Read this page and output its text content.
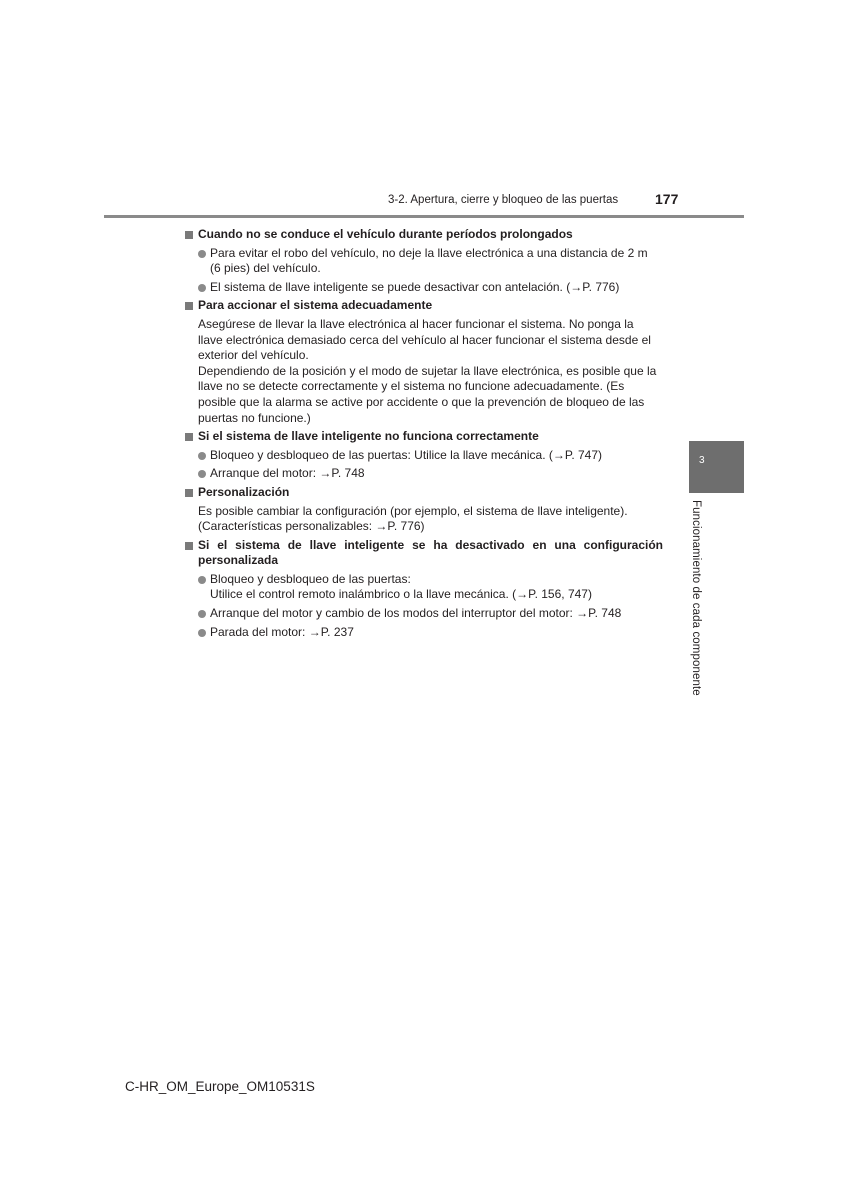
3-2. Apertura, cierre y bloqueo de las puertas	177
Cuando no se conduce el vehículo durante períodos prolongados
Para evitar el robo del vehículo, no deje la llave electrónica a una distancia de 2 m
(6 pies) del vehículo.
El sistema de llave inteligente se puede desactivar con antelación. (→P. 776)
Para accionar el sistema adecuadamente
Asegúrese de llevar la llave electrónica al hacer funcionar el sistema. No ponga la
llave electrónica demasiado cerca del vehículo al hacer funcionar el sistema desde el
exterior del vehículo.
Dependiendo de la posición y el modo de sujetar la llave electrónica, es posible que la
llave no se detecte correctamente y el sistema no funcione adecuadamente. (Es
posible que la alarma se active por accidente o que la prevención de bloqueo de las
puertas no funcione.)
Si el sistema de llave inteligente no funciona correctamente
Bloqueo y desbloqueo de las puertas: Utilice la llave mecánica. (→P. 747)
Arranque del motor: →P. 748
Personalización
Es posible cambiar la configuración (por ejemplo, el sistema de llave inteligente).
(Características personalizables: →P. 776)
Si el sistema de llave inteligente se ha desactivado en una configuración
personalizada
Bloqueo y desbloqueo de las puertas:
Utilice el control remoto inalámbrico o la llave mecánica. (→P. 156, 747)
Arranque del motor y cambio de los modos del interruptor del motor: →P. 748
Parada del motor: →P. 237
3
Funcionamiento de cada componente
C-HR_OM_Europe_OM10531S
